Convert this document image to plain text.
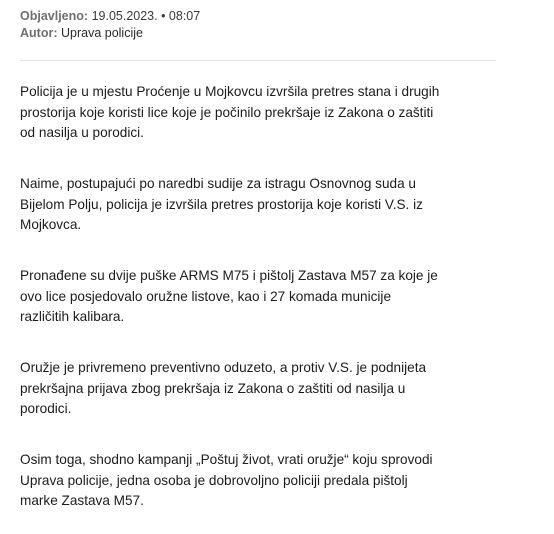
Objavljeno: 19.05.2023. • 08:07
Autor: Uprava policije

Policija je u mjestu Proćenje u Mojkovcu izvršila pretres stana i drugih prostorija koje koristi lice koje je počinilo prekršaje iz Zakona o zaštiti od nasilja u porodici.

Naime, postupajući po naredbi sudije za istragu Osnovnog suda u Bijelom Polju, policija je izvršila pretres prostorija koje koristi V.S. iz Mojkovca.

Pronađene su dvije puške ARMS M75 i pištolj Zastava M57 za koje je ovo lice posjedovalo oružne listove, kao i 27 komada municije različitih kalibara.

Oružje je privremeno preventivno oduzeto, a protiv V.S. je podnijeta prekršajna prijava zbog prekršaja iz Zakona o zaštiti od nasilja u porodici.

Osim toga, shodno kampanji „Poštuj život, vrati oružje“ koju sprovodi Uprava policije, jedna osoba je dobrovoljno policiji predala pištolj marke Zastava M57.
